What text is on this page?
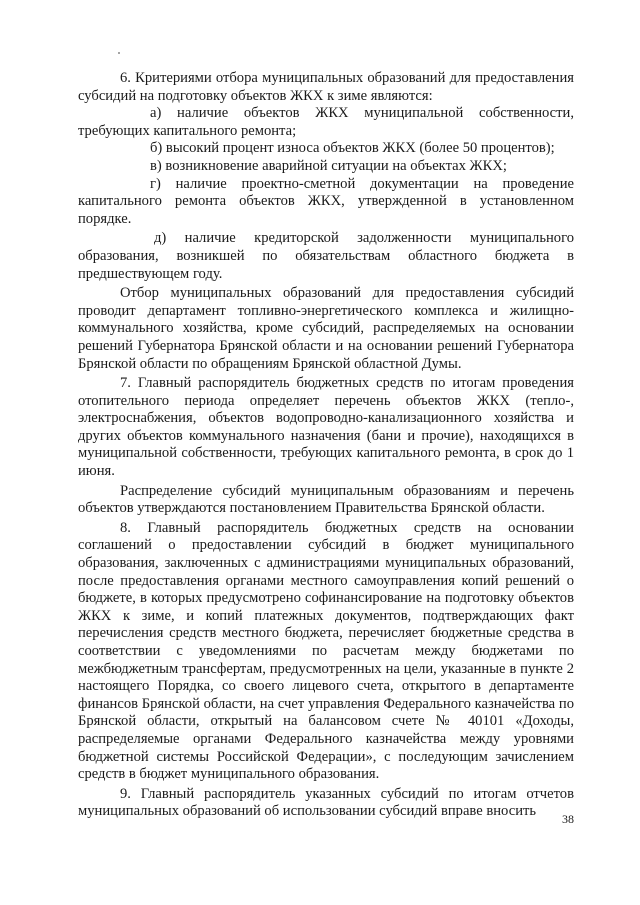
6. Критериями отбора муниципальных образований для предоставления субсидий на подготовку объектов ЖКХ к зиме являются:

а) наличие объектов ЖКХ муниципальной собственности, требующих капитального ремонта;

б) высокий процент износа объектов ЖКХ (более 50 процентов);

в) возникновение аварийной ситуации на объектах ЖКХ;

г) наличие проектно-сметной документации на проведение капитального ремонта объектов ЖКХ, утвержденной в установленном порядке.

д) наличие кредиторской задолженности муниципального образования, возникшей по обязательствам областного бюджета в предшествующем году.

Отбор муниципальных образований для предоставления субсидий проводит департамент топливно-энергетического комплекса и жилищно-коммунального хозяйства, кроме субсидий, распределяемых на основании решений Губернатора Брянской области и на основании решений Губернатора Брянской области по обращениям Брянской областной Думы.

7. Главный распорядитель бюджетных средств по итогам проведения отопительного периода определяет перечень объектов ЖКХ (тепло-, электроснабжения, объектов водопроводно-канализационного хозяйства и других объектов коммунального назначения (бани и прочие), находящихся в муниципальной собственности, требующих капитального ремонта, в срок до 1 июня.

Распределение субсидий муниципальным образованиям и перечень объектов утверждаются постановлением Правительства Брянской области.

8. Главный распорядитель бюджетных средств на основании соглашений о предоставлении субсидий в бюджет муниципального образования, заключенных с администрациями муниципальных образований, после предоставления органами местного самоуправления копий решений о бюджете, в которых предусмотрено софинансирование на подготовку объектов ЖКХ к зиме, и копий платежных документов, подтверждающих факт перечисления средств местного бюджета, перечисляет бюджетные средства в соответствии с уведомлениями по расчетам между бюджетами по межбюджетным трансфертам, предусмотренных на цели, указанные в пункте 2 настоящего Порядка, со своего лицевого счета, открытого в департаменте финансов Брянской области, на счет управления Федерального казначейства по Брянской области, открытый на балансовом счете № 40101 «Доходы, распределяемые органами Федерального казначейства между уровнями бюджетной системы Российской Федерации», с последующим зачислением средств в бюджет муниципального образования.

9. Главный распорядитель указанных субсидий по итогам отчетов муниципальных образований об использовании субсидий вправе вносить	38
